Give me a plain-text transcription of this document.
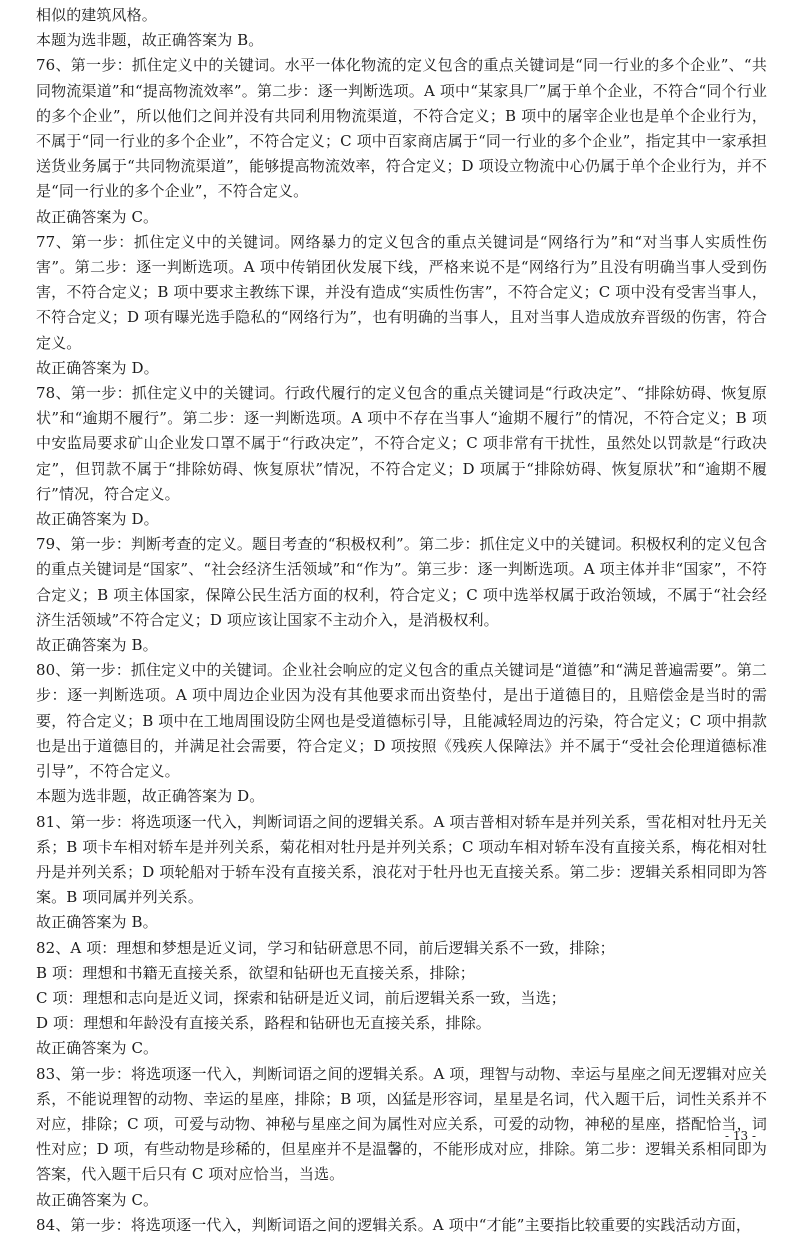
相似的建筑风格。

本题为选非题，故正确答案为 B。

76、第一步：抓住定义中的关键词。水平一体化物流的定义包含的重点关键词是“同一行业的多个企业”、“共同物流渠道”和“提高物流效率”。第二步：逐一判断选项。A 项中“某家具厂”属于单个企业，不符合“同个行业的多个企业”，所以他们之间并没有共同利用物流渠道，不符合定义；B 项中的屠宰企业也是单个企业行为，不属于“同一行业的多个企业”，不符合定义；C 项中百家商店属于“同一行业的多个企业”，指定其中一家承担送货业务属于“共同物流渠道”，能够提高物流效率，符合定义；D 项设立物流中心仍属于单个企业行为，并不是“同一行业的多个企业”，不符合定义。

故正确答案为 C。

77、第一步：抓住定义中的关键词。网络暴力的定义包含的重点关键词是“网络行为”和“对当事人实质性伤害”。第二步：逐一判断选项。A 项中传销团伙发展下线，严格来说不是“网络行为”且没有明确当事人受到伤害，不符合定义；B 项中要求主教练下课，并没有造成“实质性伤害”，不符合定义；C 项中没有受害当事人，不符合定义；D 项有曝光选手隐私的“网络行为”，也有明确的当事人，且对当事人造成放弃晋级的伤害，符合定义。

故正确答案为 D。

78、第一步：抓住定义中的关键词。行政代履行的定义包含的重点关键词是“行政决定”、“排除妨碍、恢复原状”和“逾期不履行”。第二步：逐一判断选项。A 项中不存在当事人“逾期不履行”的情况，不符合定义；B 项中安监局要求矿山企业发口罩不属于“行政决定”，不符合定义；C 项非常有干扰性，虽然处以罚款是“行政决定”，但罚款不属于“排除妨碍、恢复原状”情况，不符合定义；D 项属于“排除妨碍、恢复原状”和“逾期不履行”情况，符合定义。

故正确答案为 D。

79、第一步：判断考查的定义。题目考查的“积极权利”。第二步：抓住定义中的关键词。积极权利的定义包含的重点关键词是“国家”、“社会经济生活领域”和“作为”。第三步：逐一判断选项。A 项主体并非“国家”，不符合定义；B 项主体国家，保障公民生活方面的权利，符合定义；C 项中选举权属于政治领域，不属于“社会经济生活领域”不符合定义；D 项应该让国家不主动介入，是消极权利。

故正确答案为 B。

80、第一步：抓住定义中的关键词。企业社会响应的定义包含的重点关键词是“道德”和“满足普遍需要”。第二步：逐一判断选项。A 项中周边企业因为没有其他要求而出资垫付，是出于道德目的，且赔偿金是当时的需要，符合定义；B 项中在工地周围设防尘网也是受道德标引导，且能减轻周边的污染，符合定义；C 项中捐款也是出于道德目的，并满足社会需要，符合定义；D 项按照《残疾人保障法》并不属于“受社会伦理道德标准引导”，不符合定义。

本题为选非题，故正确答案为 D。

81、第一步：将选项逐一代入，判断词语之间的逻辑关系。A 项吉普相对轿车是并列关系，雪花相对牡丹无关系；B 项卡车相对轿车是并列关系，菊花相对牡丹是并列关系；C 项动车相对轿车没有直接关系，梅花相对牡丹是并列关系；D 项轮船对于轿车没有直接关系，浪花对于牡丹也无直接关系。第二步：逻辑关系相同即为答案。B 项同属并列关系。

故正确答案为 B。

82、A 项：理想和梦想是近义词，学习和钻研意思不同，前后逻辑关系不一致，排除；

B 项：理想和书籍无直接关系，欲望和钻研也无直接关系，排除；

C 项：理想和志向是近义词，探索和钻研是近义词，前后逻辑关系一致，当选；

D 项：理想和年龄没有直接关系，路程和钻研也无直接关系，排除。

故正确答案为 C。

83、第一步：将选项逐一代入，判断词语之间的逻辑关系。A 项，理智与动物、幸运与星座之间无逻辑对应关系，不能说理智的动物、幸运的星座，排除；B 项，凶猛是形容词，星星是名词，代入题干后，词性关系并不对应，排除；C 项，可爱与动物、神秘与星座之间为属性对应关系，可爱的动物，神秘的星座，搭配恰当，词性对应；D 项，有些动物是珍稀的，但星座并不是温馨的，不能形成对应，排除。第二步：逻辑关系相同即为答案，代入题干后只有 C 项对应恰当，当选。

故正确答案为 C。

84、第一步：将选项逐一代入，判断词语之间的逻辑关系。A 项中“才能”主要指比较重要的实践活动方面，

- 13 -
